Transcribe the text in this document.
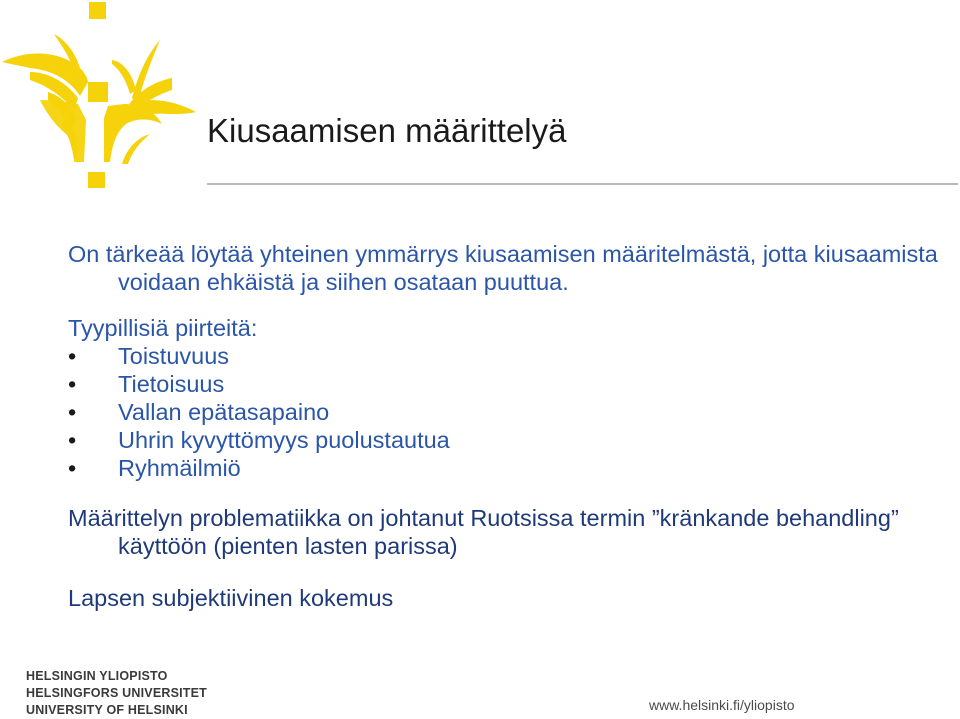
Kiusaamisen määrittelyä

On tärkeää löytää yhteinen ymmärrys kiusaamisen määritelmästä, jotta kiusaamista voidaan ehkäistä ja siihen osataan puuttua.

Tyypillisiä piirteitä:
• Toistuvuus
• Tietoisuus
• Vallan epätasapaino
• Uhrin kyvyttömyys puolustautua
• Ryhmäilmiö

Määrittelyn problematiikka on johtanut Ruotsissa termin ”kränkande behandling” käyttöön (pienten lasten parissa)

Lapsen subjektiivinen kokemus

HELSINGIN YLIOPISTO
HELSINGFORS UNIVERSITET
UNIVERSITY OF HELSINKI	www.helsinki.fi/yliopisto
